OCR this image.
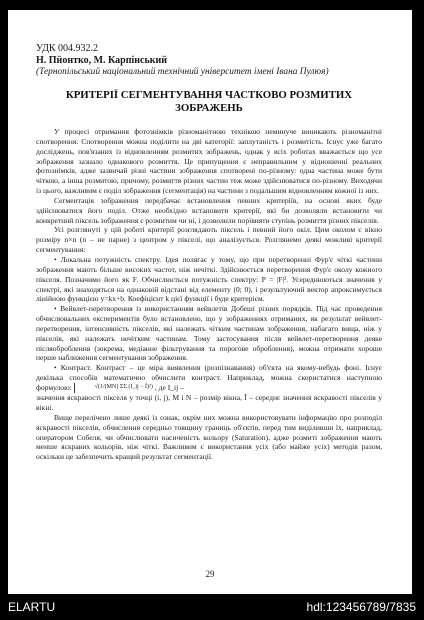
УДК 004.932.2
Н. Пйонтко, М. Карпінський
(Тернопільський національний технічний університет імені Івана Пулюя)
КРИТЕРІЇ СЕГМЕНТУВАННЯ ЧАСТКОВО РОЗМИТИХ ЗОБРАЖЕНЬ

У процесі отримання фотознімків різноманітною технікою неминуче виникають різноманітні спотворення. Спотворення можна поділити на дві категорії: заплутаність і розмитість. Існує уже багато досліджень, пов'язаних із відновленням розмитих зображень, однак у всіх роботах вважається що усе зображення зазнало однакового розмиття. Це припущення є неправильним у відношенні реальних фотознімків, адже зазвичай різні частини зображення спотворені по-різному: одна частина може бути чіткою, а інша розмитою, причому, розмиття різних частин теж може здійснюватися по-різному. Виходячи із цього, важливим є поділ зображення (сегментація) на частини з подальшим відновленням кожної із них.

Сегментація зображення передбачає встановлення певних критеріїв, на основі яких буде здійснюватися його поділ. Отже необхідно встановити критерії, які би дозволяли встановити чи конкретний піксель зображення є розмитим чи ні, і дозволили порівняти ступінь розмиття різних пікселів.

Усі розглянуті у цій роботі критерії розглядають піксель і певний його окіл. Цим околом є вікно розміру n×n (n – не парне) з центром у пікселі, що аналізується. Розглянемо деякі можливі критерії сегментування:

• Локальна потужність спектру. Ідея полягає у тому, що при перетворенні Фур'є чіткі частини зображення мають більше високих частот, ніж нечіткі. Здійснюється перетворення Фур'є околу кожного пікселя. Позначимо його як F. Обчислюється потужність спектру: P = |F|². Усереднюються значення у спектрі, які знаходяться на однаковій відстані від елементу (0; 0), і результуючий вектор апроксимується лінійною функцією y=kx+b. Коефіцієнт k цієї функції і буде критерієм.

• Вейвлет-перетворення із використанням вейвлетів Добеші різних порядків. Під час проведення обчислювальних експериментів було встановлено, що у зображеннях отриманих, як результат вейвлет-перетворення, інтенсивність пікселів, які належать чітким частинам зображення, набагато вища, ніж у пікселів, які належать нечітким частинам. Тому застосування після вейвлет-перетворення деяке післяоброблення (зокрема, медіанне фільтрування та порогове оброблення), можна отримати хороше перше наближення сегментування зображення.

• Контраст. Контраст – це міра виявлення (розпізнавання) об'єкта на якому-небудь фоні. Існує декілька способів математично обчислити контраст. Наприклад, можна скористатися наступною формулою:	√(1/(MN) ΣΣ (I_ij − Ī)²) , де I_ij –

значення яскравості пікселя у точці (i, j), M i N – розмір вікна, Ī – середнє значення яскравості пікселів у вікні.

Вище перелічено лише деякі із ознак, окрім них можна використовувати інформацію про розподіл яскравості пікселів, обчислення середньо товщину границь об'єктів, перед тим виділивши їх, наприклад, оператором Собеля, чи обчислювати насиченість кольору (Saturation), адже розмиті зображення мають менше яскравих кольорів, ніж чіткі. Важливим є використання усіх (або майже усіх) методів разом, оскільки це забезпечить кращий результат сегментації.

29
ELARTU	hdl:123456789/7835
